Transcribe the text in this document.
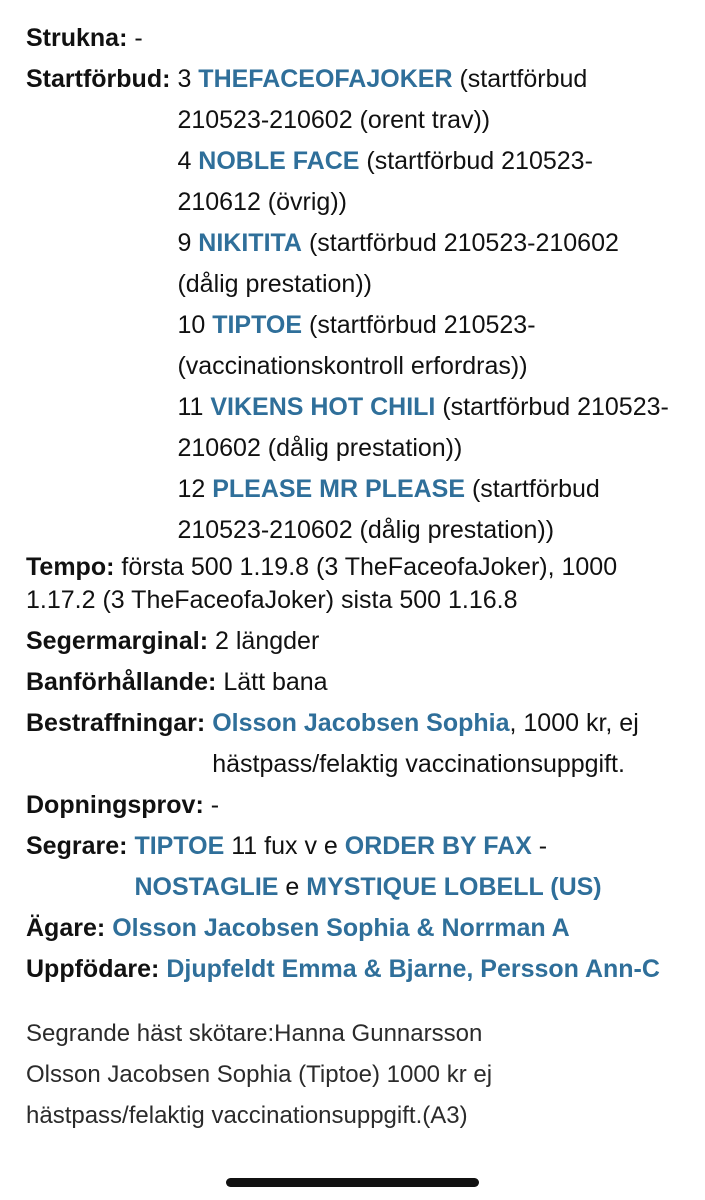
Strukna : -
Startförbud : 3 THEFACEOFAJOKER (startförbud
210523-210602 (orent trav))
4 NOBLE FACE (startförbud 210523-
210612 (övrig))
9 NIKITITA (startförbud 210523-210602
(dålig prestation))
10 TIPTOE (startförbud 210523-
(vaccinationskontroll erfordras))
11 VIKENS HOT CHILI (startförbud 210523-
210602 (dålig prestation))
12 PLEASE MR PLEASE (startförbud
210523-210602 (dålig prestation))
Tempo : första 500 1.19.8 (3 TheFaceofaJoker), 1000
1.17.2 (3 TheFaceofaJoker) sista 500 1.16.8
Segermarginal : 2 längder
Banförhållande : Lätt bana
Bestraffningar : Olsson Jacobsen Sophia, 1000 kr, ej
hästpass/felaktig vaccinationsuppgift.
Dopningsprov : -
Segrare : TIPTOE 11 fux v e ORDER BY FAX -
NOSTAGLIE e MYSTIQUE LOBELL (US)
Ägare : Olsson Jacobsen Sophia & Norrman A
Uppfödare : Djupfeldt Emma & Bjarne, Persson Ann-C
Segrande häst skötare:Hanna Gunnarsson
Olsson Jacobsen Sophia (Tiptoe) 1000 kr ej
hästpass/felaktig vaccinationsuppgift.(A3)
